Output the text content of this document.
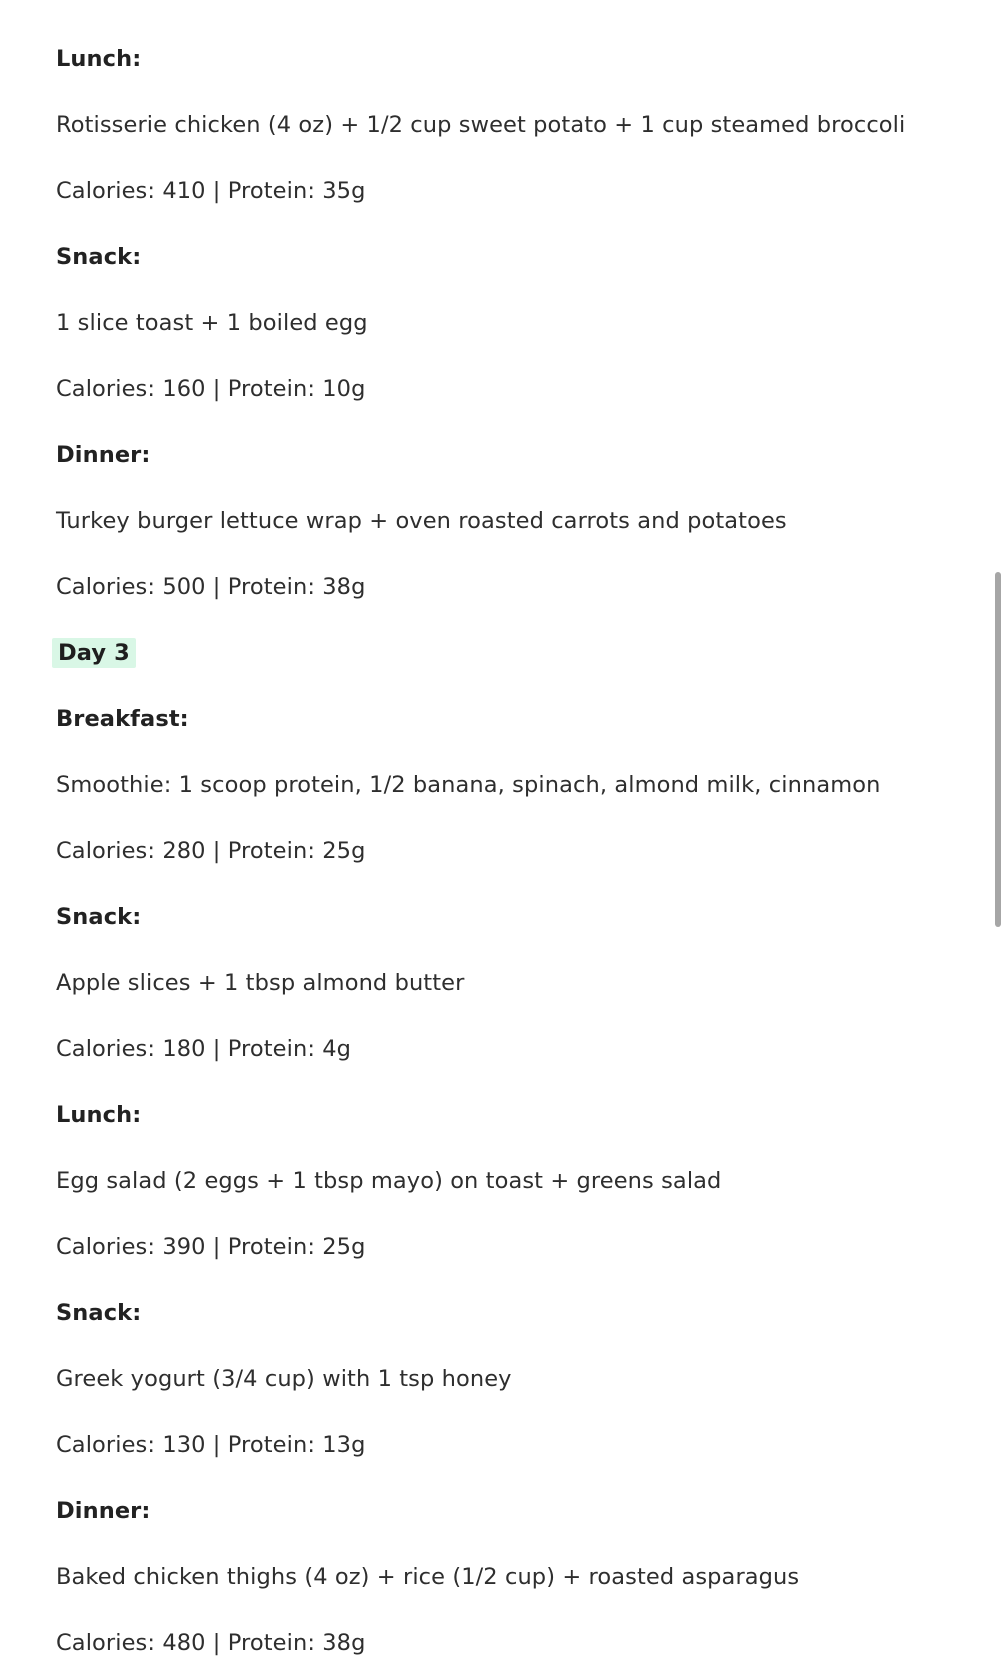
Lunch:
Rotisserie chicken (4 oz) + 1/2 cup sweet potato + 1 cup steamed broccoli
Calories: 410 | Protein: 35g
Snack:
1 slice toast + 1 boiled egg
Calories: 160 | Protein: 10g
Dinner:
Turkey burger lettuce wrap + oven roasted carrots and potatoes
Calories: 500 | Protein: 38g
Day 3
Breakfast:
Smoothie: 1 scoop protein, 1/2 banana, spinach, almond milk, cinnamon
Calories: 280 | Protein: 25g
Snack:
Apple slices + 1 tbsp almond butter
Calories: 180 | Protein: 4g
Lunch:
Egg salad (2 eggs + 1 tbsp mayo) on toast + greens salad
Calories: 390 | Protein: 25g
Snack:
Greek yogurt (3/4 cup) with 1 tsp honey
Calories: 130 | Protein: 13g
Dinner:
Baked chicken thighs (4 oz) + rice (1/2 cup) + roasted asparagus
Calories: 480 | Protein: 38g
